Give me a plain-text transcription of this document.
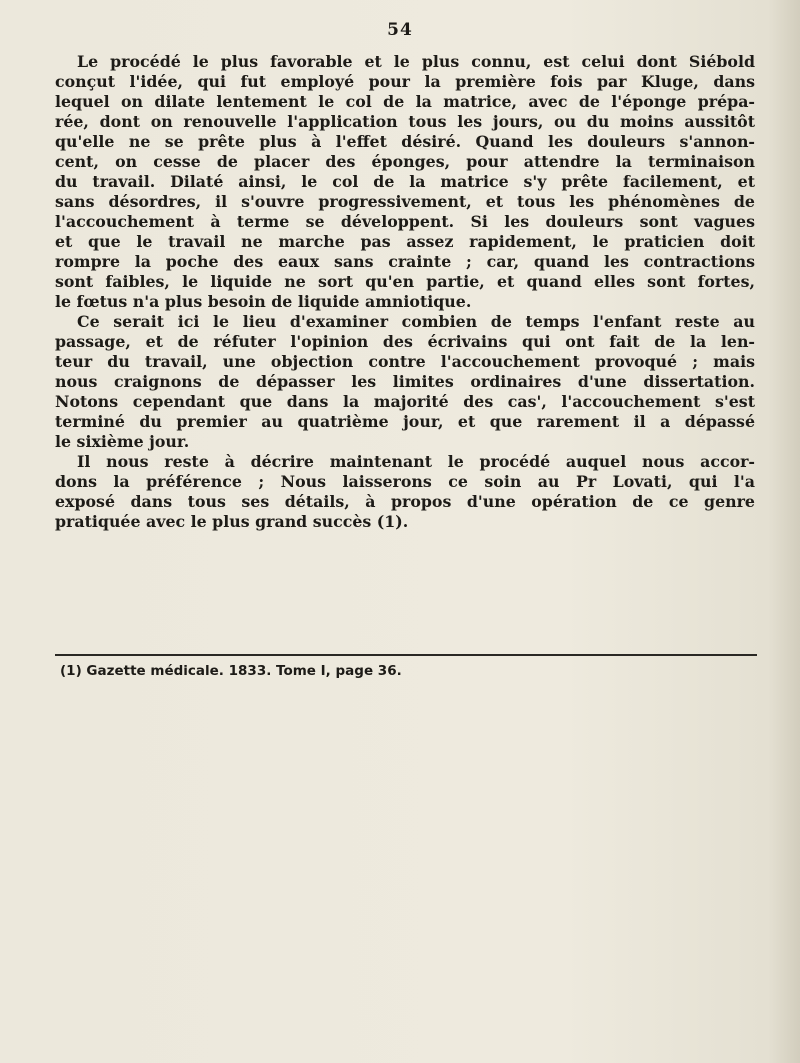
54
Le procédé le plus favorable et le plus connu, est celui dont Siébold
conçut l'idée, qui fut employé pour la première fois par Kluge, dans
lequel on dilate lentement le col de la matrice, avec de l'éponge prépa-
rée, dont on renouvelle l'application tous les jours, ou du moins aussitôt
qu'elle ne se prête plus à l'effet désiré. Quand les douleurs s'annon-
cent, on cesse de placer des éponges, pour attendre la terminaison
du travail. Dilaté ainsi, le col de la matrice s'y prête facilement, et
sans désordres, il s'ouvre progressivement, et tous les phénomènes de
l'accouchement à terme se développent. Si les douleurs sont vagues
et que le travail ne marche pas assez rapidement, le praticien doit
rompre la poche des eaux sans crainte ; car, quand les contractions
sont faibles, le liquide ne sort qu'en partie, et quand elles sont fortes,
le fœtus n'a plus besoin de liquide amniotique.
Ce serait ici le lieu d'examiner combien de temps l'enfant reste au
passage, et de réfuter l'opinion des écrivains qui ont fait de la len-
teur du travail, une objection contre l'accouchement provoqué ; mais
nous craignons de dépasser les limites ordinaires d'une dissertation.
Notons cependant que dans la majorité des cas', l'accouchement s'est
terminé du premier au quatrième jour, et que rarement il a dépassé
le sixième jour.
Il nous reste à décrire maintenant le procédé auquel nous accor-
dons la préférence ; Nous laisserons ce soin au Pr Lovati, qui l'a
exposé dans tous ses détails, à propos d'une opération de ce genre
pratiquée avec le plus grand succès (1).
(1) Gazette médicale. 1833. Tome I, page 36.
